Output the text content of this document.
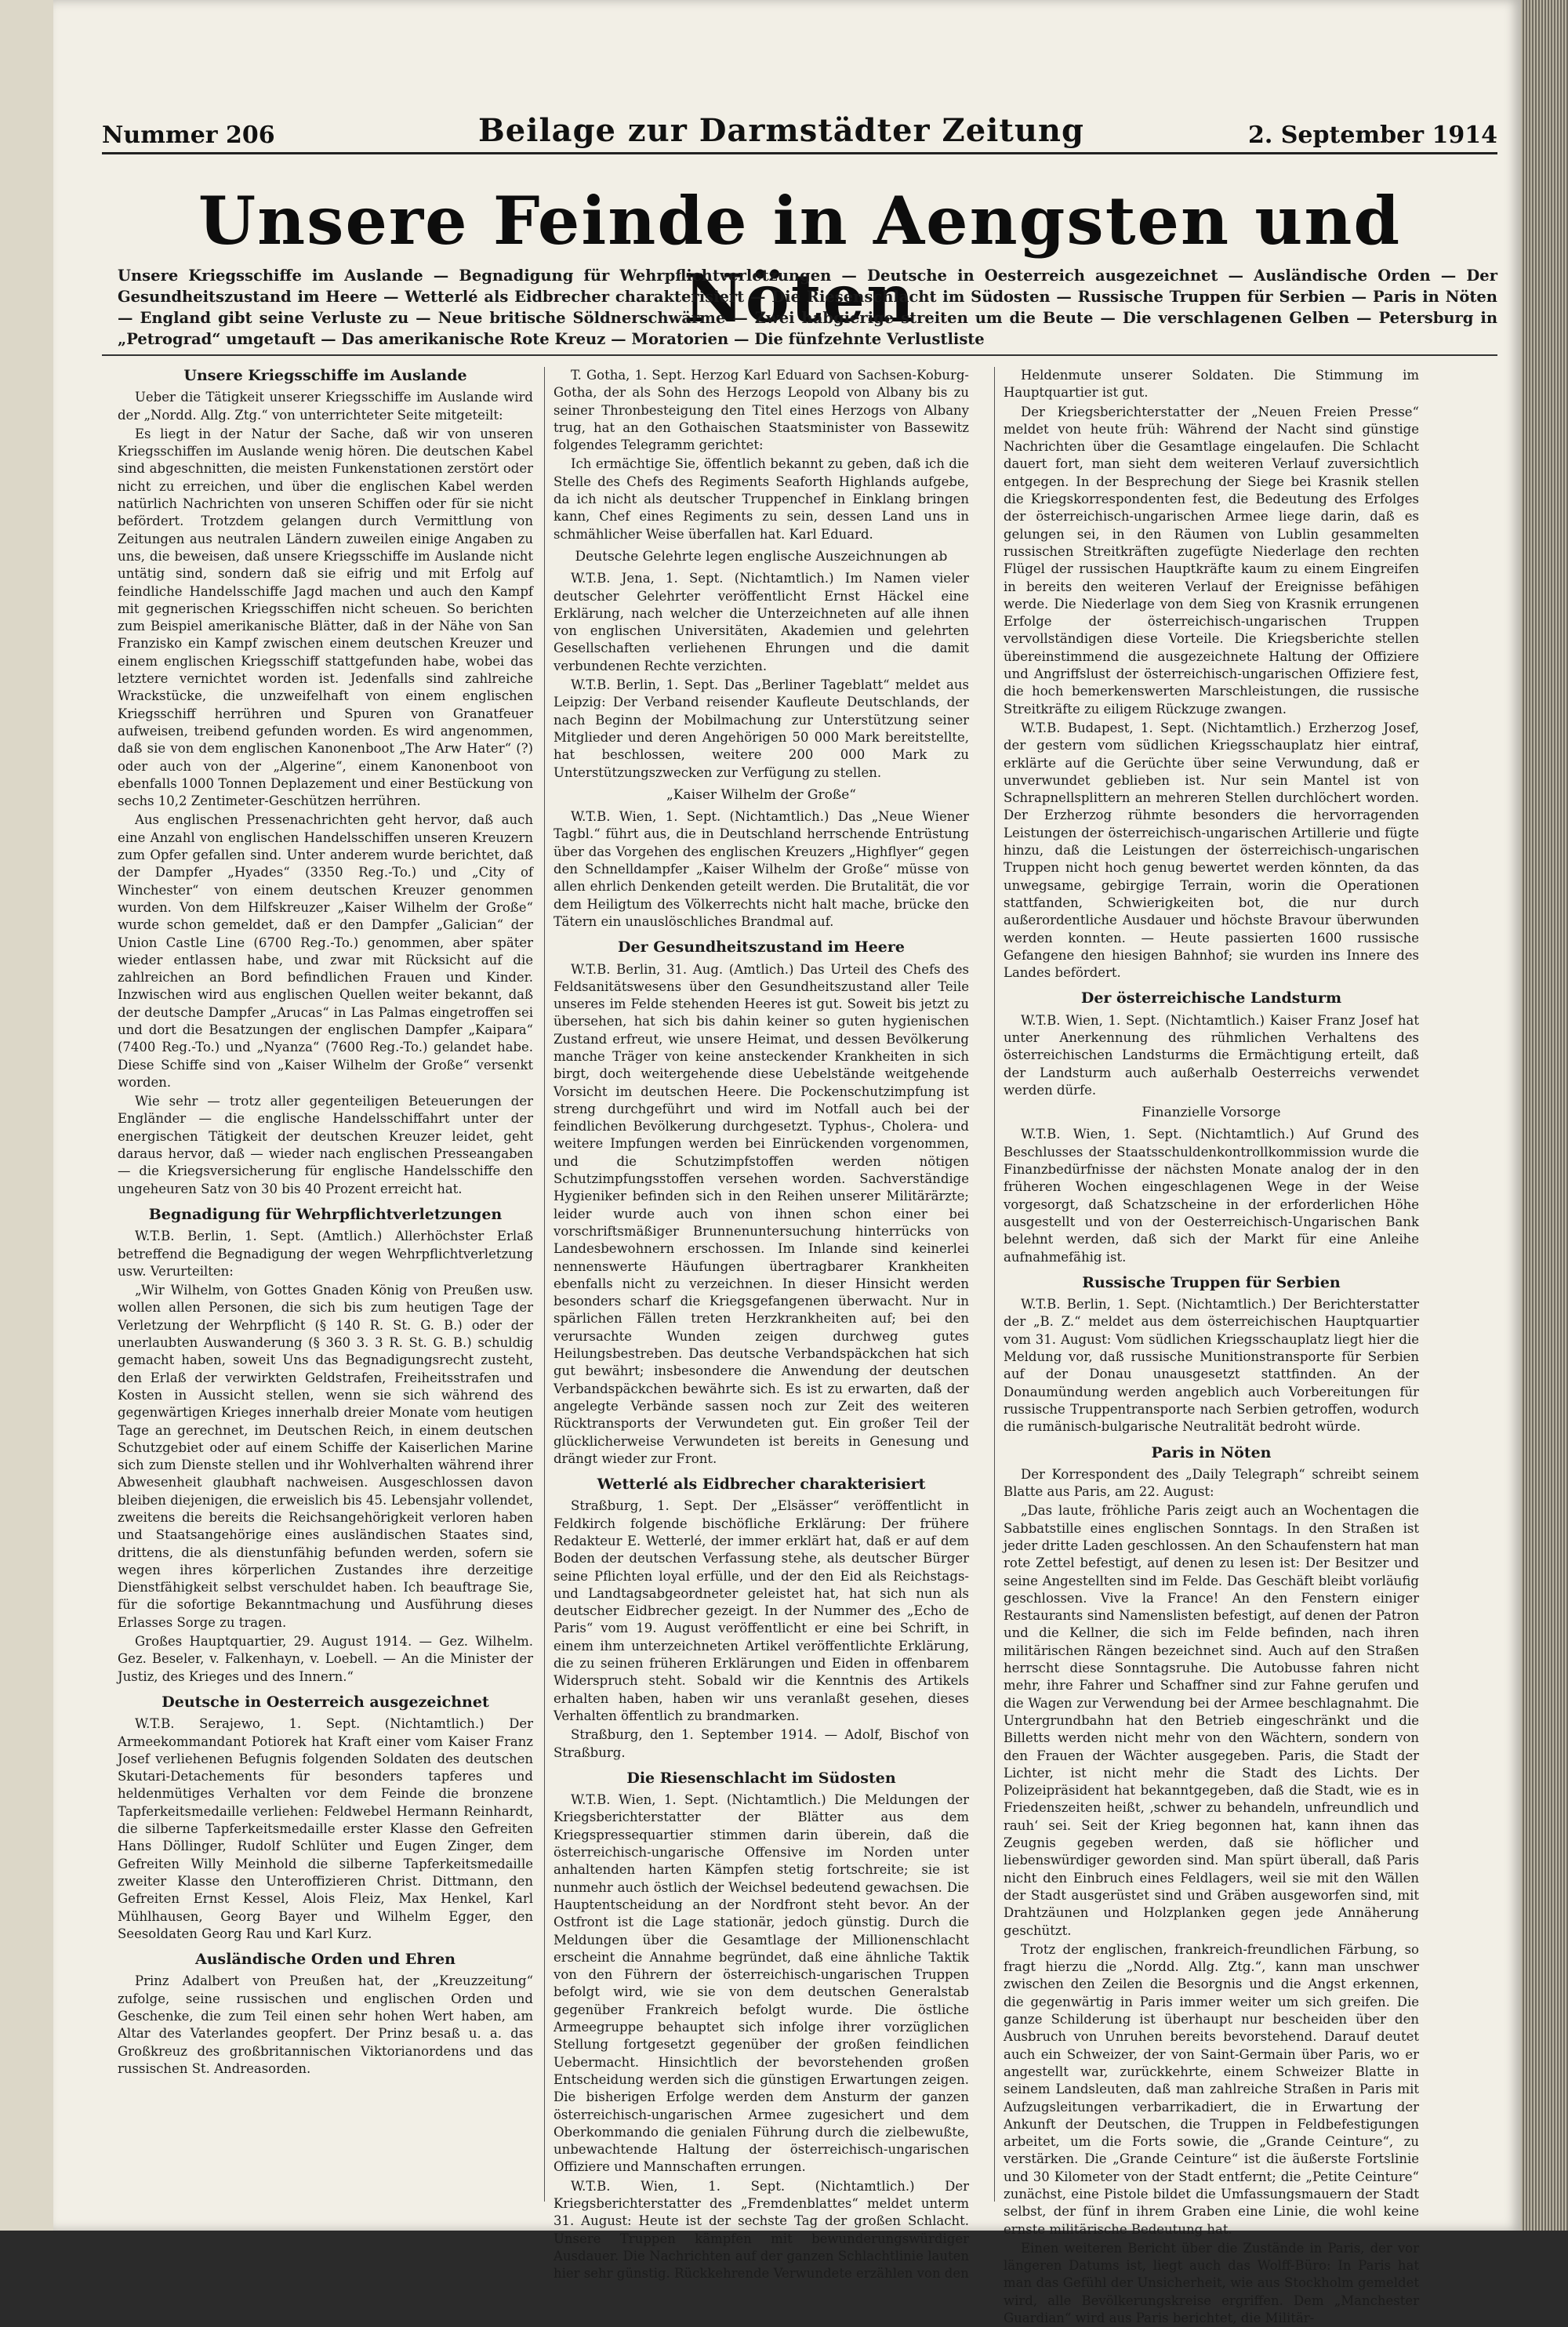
Nummer 206	Beilage zur Darmstädter Zeitung	2. September 1914
Unsere Feinde in Aengsten und Nöten
Unsere Kriegsschiffe im Auslande — Begnadigung für Wehrpflichtverletzungen — Deutsche in Oesterreich ausgezeichnet — Ausländische Orden — Der Gesundheitszustand im Heere — Wetterlé als Eidbrecher charakterisiert — Die Riesenschlacht im Südosten — Russische Truppen für Serbien — Paris in Nöten — England gibt seine Verluste zu — Neue britische Söldnerschwärme — Zwei habgierige streiten um die Beute — Die verschlagenen Gelben — Petersburg in „Petrograd“ umgetauft — Das amerikanische Rote Kreuz — Moratorien — Die fünfzehnte Verlustliste
Unsere Kriegsschiffe im Auslande

Ueber die Tätigkeit unserer Kriegsschiffe im Auslande wird der „Nordd. Allg. Ztg.“ von unterrichteter Seite mitgeteilt:

Es liegt in der Natur der Sache, daß wir von unseren Kriegsschiffen im Auslande wenig hören. Die deutschen Kabel sind abgeschnitten, die meisten Funkenstationen zerstört oder nicht zu erreichen, und über die englischen Kabel werden natürlich Nachrichten von unseren Schiffen oder für sie nicht befördert. Trotzdem gelangen durch Vermittlung von Zeitungen aus neutralen Ländern zuweilen einige Angaben zu uns, die beweisen, daß unsere Kriegsschiffe im Auslande nicht untätig sind, sondern daß sie eifrig und mit Erfolg auf feindliche Handelsschiffe Jagd machen und auch den Kampf mit gegnerischen Kriegsschiffen nicht scheuen. So berichten zum Beispiel amerikanische Blätter, daß in der Nähe von San Franzisko ein Kampf zwischen einem deutschen Kreuzer und einem englischen Kriegsschiff stattgefunden habe, wobei das letztere vernichtet worden ist. Jedenfalls sind zahlreiche Wrackstücke, die unzweifelhaft von einem englischen Kriegsschiff herrühren und Spuren von Granatfeuer aufweisen, treibend gefunden worden. Es wird angenommen, daß sie von dem englischen Kanonenboot „The Arw Hater“ (?) oder auch von der „Algerine“, einem Kanonenboot von ebenfalls 1000 Tonnen Deplazement und einer Bestückung von sechs 10,2 Zentimeter-Geschützen herrühren.

Aus englischen Pressenachrichten geht hervor, daß auch eine Anzahl von englischen Handelsschiffen unseren Kreuzern zum Opfer gefallen sind. Unter anderem wurde berichtet, daß der Dampfer „Hyades“ (3350 Reg.-To.) und „City of Winchester“ von einem deutschen Kreuzer genommen wurden. Von dem Hilfskreuzer „Kaiser Wilhelm der Große“ wurde schon gemeldet, daß er den Dampfer „Galician“ der Union Castle Line (6700 Reg.-To.) genommen, aber später wieder entlassen habe, und zwar mit Rücksicht auf die zahlreichen an Bord befindlichen Frauen und Kinder. Inzwischen wird aus englischen Quellen weiter bekannt, daß der deutsche Dampfer „Arucas“ in Las Palmas eingetroffen sei und dort die Besatzungen der englischen Dampfer „Kaipara“ (7400 Reg.-To.) und „Nyanza“ (7600 Reg.-To.) gelandet habe. Diese Schiffe sind von „Kaiser Wilhelm der Große“ versenkt worden.

Wie sehr — trotz aller gegenteiligen Beteuerungen der Engländer — die englische Handelsschiffahrt unter der energischen Tätigkeit der deutschen Kreuzer leidet, geht daraus hervor, daß — wieder nach englischen Presseangaben — die Kriegsversicherung für englische Handelsschiffe den ungeheuren Satz von 30 bis 40 Prozent erreicht hat.

Begnadigung für Wehrpflichtverletzungen

W.T.B. Berlin, 1. Sept. (Amtlich.) Allerhöchster Erlaß betreffend die Begnadigung der wegen Wehrpflichtverletzung usw. Verurteilten:

„Wir Wilhelm, von Gottes Gnaden König von Preußen usw. wollen allen Personen, die sich bis zum heutigen Tage der Verletzung der Wehrpflicht (§ 140 R. St. G. B.) oder der unerlaubten Auswanderung (§ 360 3. 3 R. St. G. B.) schuldig gemacht haben, soweit Uns das Begnadigungsrecht zusteht, den Erlaß der verwirkten Geldstrafen, Freiheitsstrafen und Kosten in Aussicht stellen, wenn sie sich während des gegenwärtigen Krieges innerhalb dreier Monate vom heutigen Tage an gerechnet, im Deutschen Reich, in einem deutschen Schutzgebiet oder auf einem Schiffe der Kaiserlichen Marine sich zum Dienste stellen und ihr Wohlverhalten während ihrer Abwesenheit glaubhaft nachweisen. Ausgeschlossen davon bleiben diejenigen, die erweislich bis 45. Lebensjahr vollendet, zweitens die bereits die Reichsangehörigkeit verloren haben und Staatsangehörige eines ausländischen Staates sind, drittens, die als dienstunfähig befunden werden, sofern sie wegen ihres körperlichen Zustandes ihre derzeitige Dienstfähigkeit selbst verschuldet haben. Ich beauftrage Sie, für die sofortige Bekanntmachung und Ausführung dieses Erlasses Sorge zu tragen.

Großes Hauptquartier, 29. August 1914. — Gez. Wilhelm. Gez. Beseler, v. Falkenhayn, v. Loebell. — An die Minister der Justiz, des Krieges und des Innern.“

Deutsche in Oesterreich ausgezeichnet

W.T.B. Serajewo, 1. Sept. (Nichtamtlich.) Der Armeekommandant Potiorek hat Kraft einer vom Kaiser Franz Josef verliehenen Befugnis folgenden Soldaten des deutschen Skutari-Detachements für besonders tapferes und heldenmütiges Verhalten vor dem Feinde die bronzene Tapferkeitsmedaille verliehen: Feldwebel Hermann Reinhardt, die silberne Tapferkeitsmedaille erster Klasse den Gefreiten Hans Döllinger, Rudolf Schlüter und Eugen Zinger, dem Gefreiten Willy Meinhold die silberne Tapferkeitsmedaille zweiter Klasse den Unteroffizieren Christ. Dittmann, den Gefreiten Ernst Kessel, Alois Fleiz, Max Henkel, Karl Mühlhausen, Georg Bayer und Wilhelm Egger, den Seesoldaten Georg Rau und Karl Kurz.

Ausländische Orden und Ehren

Prinz Adalbert von Preußen hat, der „Kreuzzeitung“ zufolge, seine russischen und englischen Orden und Geschenke, die zum Teil einen sehr hohen Wert haben, am Altar des Vaterlandes geopfert. Der Prinz besaß u. a. das Großkreuz des großbritannischen Viktorianordens und das russischen St. Andreasorden.

T. Gotha, 1. Sept. Herzog Karl Eduard von Sachsen-Koburg-Gotha, der als Sohn des Herzogs Leopold von Albany bis zu seiner Thronbesteigung den Titel eines Herzogs von Albany trug, hat an den Gothaischen Staatsminister von Bassewitz folgendes Telegramm gerichtet:

Ich ermächtige Sie, öffentlich bekannt zu geben, daß ich die Stelle des Chefs des Regiments Seaforth Highlands aufgebe, da ich nicht als deutscher Truppenchef in Einklang bringen kann, Chef eines Regiments zu sein, dessen Land uns in schmählicher Weise überfallen hat. Karl Eduard.

Deutsche Gelehrte legen englische Auszeichnungen ab

W.T.B. Jena, 1. Sept. (Nichtamtlich.) Im Namen vieler deutscher Gelehrter veröffentlicht Ernst Häckel eine Erklärung, nach welcher die Unterzeichneten auf alle ihnen von englischen Universitäten, Akademien und gelehrten Gesellschaften verliehenen Ehrungen und die damit verbundenen Rechte verzichten.

W.T.B. Berlin, 1. Sept. Das „Berliner Tageblatt“ meldet aus Leipzig: Der Verband reisender Kaufleute Deutschlands, der nach Beginn der Mobilmachung zur Unterstützung seiner Mitglieder und deren Angehörigen 50 000 Mark bereitstellte, hat beschlossen, weitere 200 000 Mark zu Unterstützungszwecken zur Verfügung zu stellen.

„Kaiser Wilhelm der Große“

W.T.B. Wien, 1. Sept. (Nichtamtlich.) Das „Neue Wiener Tagbl.“ führt aus, die in Deutschland herrschende Entrüstung über das Vorgehen des englischen Kreuzers „Highflyer“ gegen den Schnelldampfer „Kaiser Wilhelm der Große“ müsse von allen ehrlich Denkenden geteilt werden. Die Brutalität, die vor dem Heiligtum des Völkerrechts nicht halt mache, brücke den Tätern ein unauslöschliches Brandmal auf.

Der Gesundheitszustand im Heere

W.T.B. Berlin, 31. Aug. (Amtlich.) Das Urteil des Chefs des Feldsanitätswesens über den Gesundheitszustand aller Teile unseres im Felde stehenden Heeres ist gut. Soweit bis jetzt zu übersehen, hat sich bis dahin keiner so guten hygienischen Zustand erfreut, wie unsere Heimat, und dessen Bevölkerung manche Träger von keine ansteckender Krankheiten in sich birgt, doch weitergehende diese Uebelstände weitgehende Vorsicht im deutschen Heere. Die Pockenschutzimpfung ist streng durchgeführt und wird im Notfall auch bei der feindlichen Bevölkerung durchgesetzt. Typhus-, Cholera- und weitere Impfungen werden bei Einrückenden vorgenommen, und die Schutzimpfstoffen werden nötigen Schutzimpfungsstoffen versehen worden. Sachverständige Hygieniker befinden sich in den Reihen unserer Militärärzte; leider wurde auch von ihnen schon einer bei vorschriftsmäßiger Brunnenuntersuchung hinterrücks von Landesbewohnern erschossen. Im Inlande sind keinerlei nennenswerte Häufungen übertragbarer Krankheiten ebenfalls nicht zu verzeichnen. In dieser Hinsicht werden besonders scharf die Kriegsgefangenen überwacht. Nur in spärlichen Fällen treten Herzkrankheiten auf; bei den verursachte Wunden zeigen durchweg gutes Heilungsbestreben. Das deutsche Verbandspäckchen hat sich gut bewährt; insbesondere die Anwendung der deutschen Verbandspäckchen bewährte sich. Es ist zu erwarten, daß der angelegte Verbände sassen noch zur Zeit des weiteren Rücktransports der Verwundeten gut. Ein großer Teil der glücklicherweise Verwundeten ist bereits in Genesung und drängt wieder zur Front.

Wetterlé als Eidbrecher charakterisiert

Straßburg, 1. Sept. Der „Elsässer“ veröffentlicht in Feldkirch folgende bischöfliche Erklärung: Der frühere Redakteur E. Wetterlé, der immer erklärt hat, daß er auf dem Boden der deutschen Verfassung stehe, als deutscher Bürger seine Pflichten loyal erfülle, und der den Eid als Reichstags- und Landtagsabgeordneter geleistet hat, hat sich nun als deutscher Eidbrecher gezeigt. In der Nummer des „Echo de Paris“ vom 19. August veröffentlicht er eine bei Schrift, in einem ihm unterzeichneten Artikel veröffentlichte Erklärung, die zu seinen früheren Erklärungen und Eiden in offenbarem Widerspruch steht. Sobald wir die Kenntnis des Artikels erhalten haben, haben wir uns veranlaßt gesehen, dieses Verhalten öffentlich zu brandmarken.

Straßburg, den 1. September 1914. — Adolf, Bischof von Straßburg.

Die Riesenschlacht im Südosten

W.T.B. Wien, 1. Sept. (Nichtamtlich.) Die Meldungen der Kriegsberichterstatter der Blätter aus dem Kriegspressequartier stimmen darin überein, daß die österreichisch-ungarische Offensive im Norden unter anhaltenden harten Kämpfen stetig fortschreite; sie ist nunmehr auch östlich der Weichsel bedeutend gewachsen. Die Hauptentscheidung an der Nordfront steht bevor. An der Ostfront ist die Lage stationär, jedoch günstig. Durch die Meldungen über die Gesamtlage der Millionenschlacht erscheint die Annahme begründet, daß eine ähnliche Taktik von den Führern der österreichisch-ungarischen Truppen befolgt wird, wie sie von dem deutschen Generalstab gegenüber Frankreich befolgt wurde. Die östliche Armeegruppe behauptet sich infolge ihrer vorzüglichen Stellung fortgesetzt gegenüber der großen feindlichen Uebermacht. Hinsichtlich der bevorstehenden großen Entscheidung werden sich die günstigen Erwartungen zeigen. Die bisherigen Erfolge werden dem Ansturm der ganzen österreichisch-ungarischen Armee zugesichert und dem Oberkommando die genialen Führung durch die zielbewußte, unbewachtende Haltung der österreichisch-ungarischen Offiziere und Mannschaften errungen.

W.T.B. Wien, 1. Sept. (Nichtamtlich.) Der Kriegsberichterstatter des „Fremdenblattes“ meldet unterm 31. August: Heute ist der sechste Tag der großen Schlacht. Unsere Truppen kämpfen mit bewunderungswürdiger Ausdauer. Die Nachrichten auf der ganzen Schlachtlinie lauten hier sehr günstig. Rückkehrende Verwundete erzählen von den

Heldenmute unserer Soldaten. Die Stimmung im Hauptquartier ist gut.

Der Kriegsberichterstatter der „Neuen Freien Presse“ meldet von heute früh: Während der Nacht sind günstige Nachrichten über die Gesamtlage eingelaufen. Die Schlacht dauert fort, man sieht dem weiteren Verlauf zuversichtlich entgegen. In der Besprechung der Siege bei Krasnik stellen die Kriegskorrespondenten fest, die Bedeutung des Erfolges der österreichisch-ungarischen Armee liege darin, daß es gelungen sei, in den Räumen von Lublin gesammelten russischen Streitkräften zugefügte Niederlage den rechten Flügel der russischen Hauptkräfte kaum zu einem Eingreifen in bereits den weiteren Verlauf der Ereignisse befähigen werde. Die Niederlage von dem Sieg von Krasnik errungenen Erfolge der österreichisch-ungarischen Truppen vervollständigen diese Vorteile. Die Kriegsberichte stellen übereinstimmend die ausgezeichnete Haltung der Offiziere und Angriffslust der österreichisch-ungarischen Offiziere fest, die hoch bemerkenswerten Marschleistungen, die russische Streitkräfte zu eiligem Rückzuge zwangen.

W.T.B. Budapest, 1. Sept. (Nichtamtlich.) Erzherzog Josef, der gestern vom südlichen Kriegsschauplatz hier eintraf, erklärte auf die Gerüchte über seine Verwundung, daß er unverwundet geblieben ist. Nur sein Mantel ist von Schrapnellsplittern an mehreren Stellen durchlöchert worden. Der Erzherzog rühmte besonders die hervorragenden Leistungen der österreichisch-ungarischen Artillerie und fügte hinzu, daß die Leistungen der österreichisch-ungarischen Truppen nicht hoch genug bewertet werden könnten, da das unwegsame, gebirgige Terrain, worin die Operationen stattfanden, Schwierigkeiten bot, die nur durch außerordentliche Ausdauer und höchste Bravour überwunden werden konnten. — Heute passierten 1600 russische Gefangene den hiesigen Bahnhof; sie wurden ins Innere des Landes befördert.

Der österreichische Landsturm

W.T.B. Wien, 1. Sept. (Nichtamtlich.) Kaiser Franz Josef hat unter Anerkennung des rühmlichen Verhaltens des österreichischen Landsturms die Ermächtigung erteilt, daß der Landsturm auch außerhalb Oesterreichs verwendet werden dürfe.

Finanzielle Vorsorge

W.T.B. Wien, 1. Sept. (Nichtamtlich.) Auf Grund des Beschlusses der Staatsschuldenkontrollkommission wurde die Finanzbedürfnisse der nächsten Monate analog der in den früheren Wochen eingeschlagenen Wege in der Weise vorgesorgt, daß Schatzscheine in der erforderlichen Höhe ausgestellt und von der Oesterreichisch-Ungarischen Bank belehnt werden, daß sich der Markt für eine Anleihe aufnahmefähig ist.

Russische Truppen für Serbien

W.T.B. Berlin, 1. Sept. (Nichtamtlich.) Der Berichterstatter der „B. Z.“ meldet aus dem österreichischen Hauptquartier vom 31. August: Vom südlichen Kriegsschauplatz liegt hier die Meldung vor, daß russische Munitionstransporte für Serbien auf der Donau unausgesetzt stattfinden. An der Donaumündung werden angeblich auch Vorbereitungen für russische Truppentransporte nach Serbien getroffen, wodurch die rumänisch-bulgarische Neutralität bedroht würde.

Paris in Nöten

Der Korrespondent des „Daily Telegraph“ schreibt seinem Blatte aus Paris, am 22. August:

„Das laute, fröhliche Paris zeigt auch an Wochentagen die Sabbatstille eines englischen Sonntags. In den Straßen ist jeder dritte Laden geschlossen. An den Schaufenstern hat man rote Zettel befestigt, auf denen zu lesen ist: Der Besitzer und seine Angestellten sind im Felde. Das Geschäft bleibt vorläufig geschlossen. Vive la France! An den Fenstern einiger Restaurants sind Namenslisten befestigt, auf denen der Patron und die Kellner, die sich im Felde befinden, nach ihren militärischen Rängen bezeichnet sind. Auch auf den Straßen herrscht diese Sonntagsruhe. Die Autobusse fahren nicht mehr, ihre Fahrer und Schaffner sind zur Fahne gerufen und die Wagen zur Verwendung bei der Armee beschlagnahmt. Die Untergrundbahn hat den Betrieb eingeschränkt und die Billetts werden nicht mehr von den Wächtern, sondern von den Frauen der Wächter ausgegeben. Paris, die Stadt der Lichter, ist nicht mehr die Stadt des Lichts. Der Polizeipräsident hat bekanntgegeben, daß die Stadt, wie es in Friedenszeiten heißt, ‚schwer zu behandeln, unfreundlich und rauh‘ sei. Seit der Krieg begonnen hat, kann ihnen das Zeugnis gegeben werden, daß sie höflicher und liebenswürdiger geworden sind. Man spürt überall, daß Paris nicht den Einbruch eines Feldlagers, weil sie mit den Wällen der Stadt ausgerüstet sind und Gräben ausgeworfen sind, mit Drahtzäunen und Holzplanken gegen jede Annäherung geschützt.

Trotz der englischen, frankreich-freundlichen Färbung, so fragt hierzu die „Nordd. Allg. Ztg.“, kann man unschwer zwischen den Zeilen die Besorgnis und die Angst erkennen, die gegenwärtig in Paris immer weiter um sich greifen. Die ganze Schilderung ist überhaupt nur bescheiden über den Ausbruch von Unruhen bereits bevorstehend. Darauf deutet auch ein Schweizer, der von Saint-Germain über Paris, wo er angestellt war, zurückkehrte, einem Schweizer Blatte in seinem Landsleuten, daß man zahlreiche Straßen in Paris mit Aufzugsleitungen verbarrikadiert, die in Erwartung der Ankunft der Deutschen, die Truppen in Feldbefestigungen arbeitet, um die Forts sowie, die „Grande Ceinture“, zu verstärken. Die „Grande Ceinture“ ist die äußerste Fortslinie und 30 Kilometer von der Stadt entfernt; die „Petite Ceinture“ zunächst, eine Pistole bildet die Umfassungsmauern der Stadt selbst, der fünf in ihrem Graben eine Linie, die wohl keine ernste militärische Bedeutung hat.

Einen weiteren Bericht über die Zustände in Paris, der vor längeren Datums ist, liegt auch das Wolff-Büro: In Paris hat man das Gefühl der Unsicherheit, wie aus Stockholm gemeldet wird, alle Bevölkerungskreise ergriffen. Dem „Manchester Guardian“ wird aus Paris berichtet, die Militär-
